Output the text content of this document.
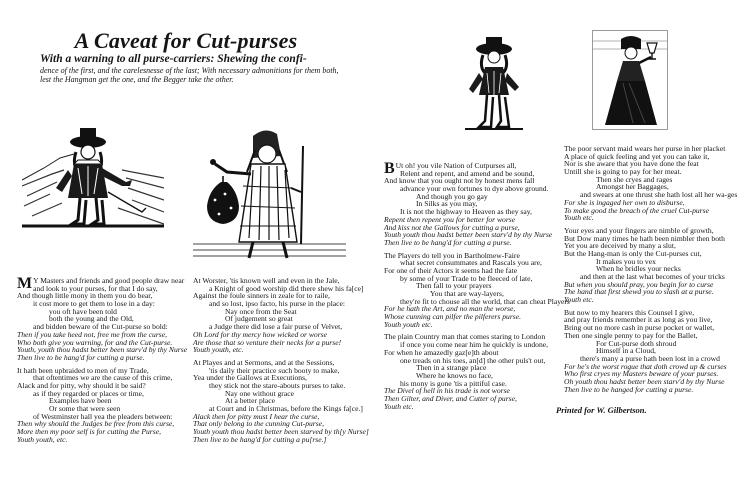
A Caveat for Cut-purses
With a warning to all purse-carriers: Shewing the confi-
dence of the first, and the carelesnesse of the last; With necessary admonitions for them both, lest the Hangman get the one, and the Begger take the other.
M Y Masters and friends and good people draw near
and look to your purses, for that I do say,
And though little mony in them you do bear,
it cost more to get them to lose in a day:
you oft have been told
both the young and the Old,
and bidden beware of the Cut-purse so bold:
Then if you take heed not, free me from the curse,
Who both give you warning, for and the Cut-purse.
Youth, youth thou hadst better been starv'd by thy Nurse
Then live to be hang'd for cutting a purse.
It hath been upbraided to men of my Trade,
that oftentimes we are the cause of this crime,
Alack and for pitty, why should it be said?
as if they regarded or places or time,
Examples have been
Or some that were seen
of Westminster hall yea the pleaders between:
Then why should the Judges be free from this curse,
More then my poor self is for cutting the Purse,
Youth youth, etc.
At Worster, 'tis known well and even in the Jale,
a Knight of good worship did there shew his fa[ce]
Against the foule sinners in zeale for to raile,
and so lost, ipso facto, his purse in the place:
Nay once from the Seat
Of judgement so great
a Judge there did lose a fair purse of Velvet,
Oh Lord for thy mercy how wicked or worse
Are those that so venture their necks for a purse!
Youth youth, etc.
At Playes and at Sermons, and at the Sessions,
'tis daily their practice such booty to make,
Yea under the Gallows at Executions,
they stick not the stare-abouts purses to take.
Nay one without grace
At a better place
at Court and in Christmas, before the Kings fa[ce.]
Alack then for pitty must I hear the curse,
That only belong to the cunning Cut-purse,
Youth youth thou hadst better been starved by th[y Nurse]
Then live to be hang'd for cutting a pu[rse.]
B Ut oh! you vile Nation of Cutpurses all,
Relent and repent, and amend and be sound,
And know that you ought not by honest mens fall
advance your own fortunes to dye above ground.
And though you go gay
In Silks as you may,
It is not the highway to Heaven as they say,
Repent then repent you for better for worse
And kiss not the Gallows for cutting a purse,
Youth youth thou hadst better been starv'd by thy Nurse
Then live to be hang'd for cutting a purse.
The Players do tell you in Bartholmew-Faire
what secret consummates and Rascals you are,
For one of their Actors it seems had the fate
by some of your Trade to be fleeced of late,
Then fall to your prayers
You that are way-layers,
they're fit to chouse all the world, that can cheat Players
For he hath the Art, and no man the worse,
Whose cunning can pilfer the pilferers purse.
Youth youth etc.
The plain Country man that comes staring to London
if once you come near him he quickly is undone,
For when he amazedly gaz[e]th about
one treads on his toes, an[d] the other puls't out,
Then in a strange place
Where he knows no face,
his mony is gone 'tis a pittiful case.
The Divel of hell in his trade is not worse
Then Gilter, and Diver, and Cutter of purse,
Youth etc.
The poor servant maid wears her purse in her placket
A place of quick feeling and yet you can take it,
Nor is she aware that you have done the feat
Untill she is going to pay for her meat.
Then she cryes and rages
Amongst her Baggages,
and swears at one thrust she hath lost all her wa-ges
For she is ingaged her own to disburse,
To make good the breach of the cruel Cut-purse
Youth etc.
Your eyes and your fingers are nimble of growth,
But Dow many times he hath been nimbler then both
Yet you are deceived by many a slut,
But the Hang-man is only the Cut-purses cut,
It makes you to vex
When he bridles your necks
and then at the last what becomes of your tricks
But when you should pray, you begin for to curse
The hand that first shewd you to slash at a purse.
Youth etc.
But now to my hearers this Counsel I give,
and pray friends remember it as long as you live,
Bring out no more cash in purse pocket or wallet,
Then one single penny to pay for the Ballet,
For Cut-purse doth shroud
Himself in a Cloud,
there's many a purse hath been lost in a crowd
For he's the worst rogue that doth crowd up & curses
Who first cryes my Masters beware of your purses.
Oh youth thou hadst better been starv'd by thy Nurse
Then live to be hanged for cutting a purse.
Printed for W. Gilbertson.
